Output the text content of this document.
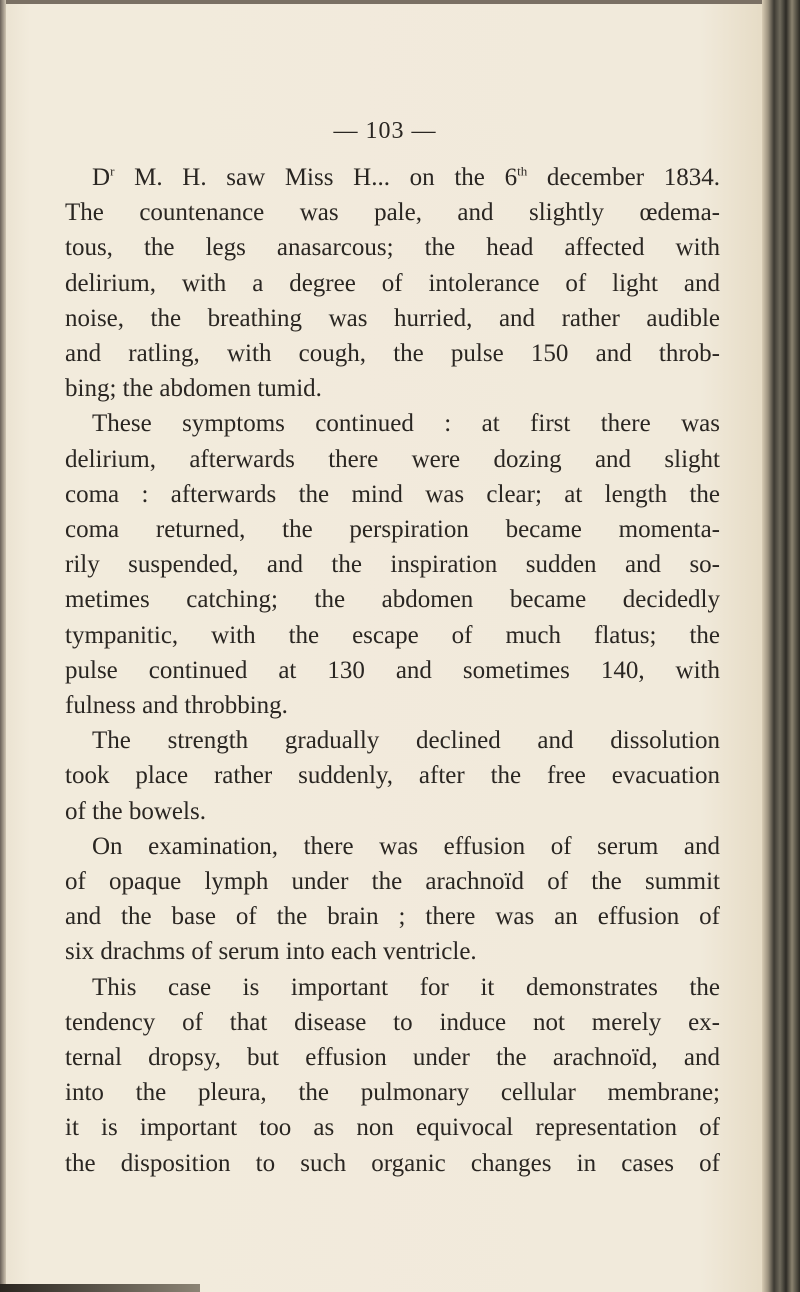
— 103 —
$D^r$ M. H. saw Miss H... on the 6th december 1834.
The countenance was pale, and slightly œdema-
tous, the legs anasarcous; the head affected with
delirium, with a degree of intolerance of light and
noise, the breathing was hurried, and rather audible
and ratling, with cough, the pulse 150 and throb-
bing; the abdomen tumid.
These symptoms continued : at first there was
delirium, afterwards there were dozing and slight
coma : afterwards the mind was clear; at length the
coma returned, the perspiration became momenta-
rily suspended, and the inspiration sudden and so-
metimes catching; the abdomen became decidedly
tympanitic, with the escape of much flatus; the
pulse continued at 130 and sometimes 140, with
fulness and throbbing.
The strength gradually declined and dissolution
took place rather suddenly, after the free evacuation
of the bowels.
On examination, there was effusion of serum and
of opaque lymph under the arachnoïd of the summit
and the base of the brain ; there was an effusion of
six drachms of serum into each ventricle.
This case is important for it demonstrates the
tendency of that disease to induce not merely ex-
ternal dropsy, but effusion under the arachnoïd, and
into the pleura, the pulmonary cellular membrane;
it is important too as non equivocal representation of
the disposition to such organic changes in cases of
